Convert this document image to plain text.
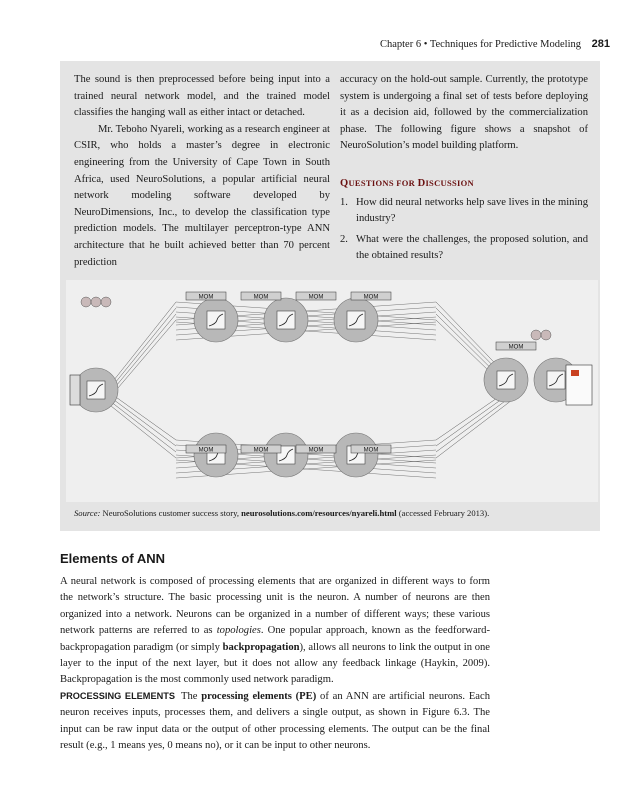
Chapter 6 • Techniques for Predictive Modeling 281

The sound is then preprocessed before being input into a trained neural network model, and the trained model classifies the hanging wall as either intact or detached.

Mr. Teboho Nyareli, working as a research engineer at CSIR, who holds a master’s degree in electronic engineering from the University of Cape Town in South Africa, used NeuroSolutions, a popular artificial neural network modeling software developed by NeuroDimensions, Inc., to develop the classification type prediction models. The multilayer perceptron-type ANN architecture that he built achieved better than 70 percent prediction

accuracy on the hold-out sample. Currently, the prototype system is undergoing a final set of tests before deploying it as a decision aid, followed by the commercialization phase. The following figure shows a snapshot of NeuroSolution’s model building platform.

QUESTIONS FOR DISCUSSION
1. How did neural networks help save lives in the mining industry?
2. What were the challenges, the proposed solution, and the obtained results?
MOM	MOM	MOM	MOM
MOM	MOM	MOM	MOM
MOM
Source: NeuroSolutions customer success story, neurosolutions.com/resources/nyareli.html (accessed February 2013).
Elements of ANN

A neural network is composed of processing elements that are organized in different ways to form the network’s structure. The basic processing unit is the neuron. A number of neurons are then organized into a network. Neurons can be organized in a number of different ways; these various network patterns are referred to as topologies. One popular approach, known as the feedforward-backpropagation paradigm (or simply backpropagation), allows all neurons to link the output in one layer to the input of the next layer, but it does not allow any feedback linkage (Haykin, 2009). Backpropagation is the most commonly used network paradigm.

PROCESSING ELEMENTS The processing elements (PE) of an ANN are artificial neurons. Each neuron receives inputs, processes them, and delivers a single output, as shown in Figure 6.3. The input can be raw input data or the output of other processing elements. The output can be the final result (e.g., 1 means yes, 0 means no), or it can be input to other neurons.
